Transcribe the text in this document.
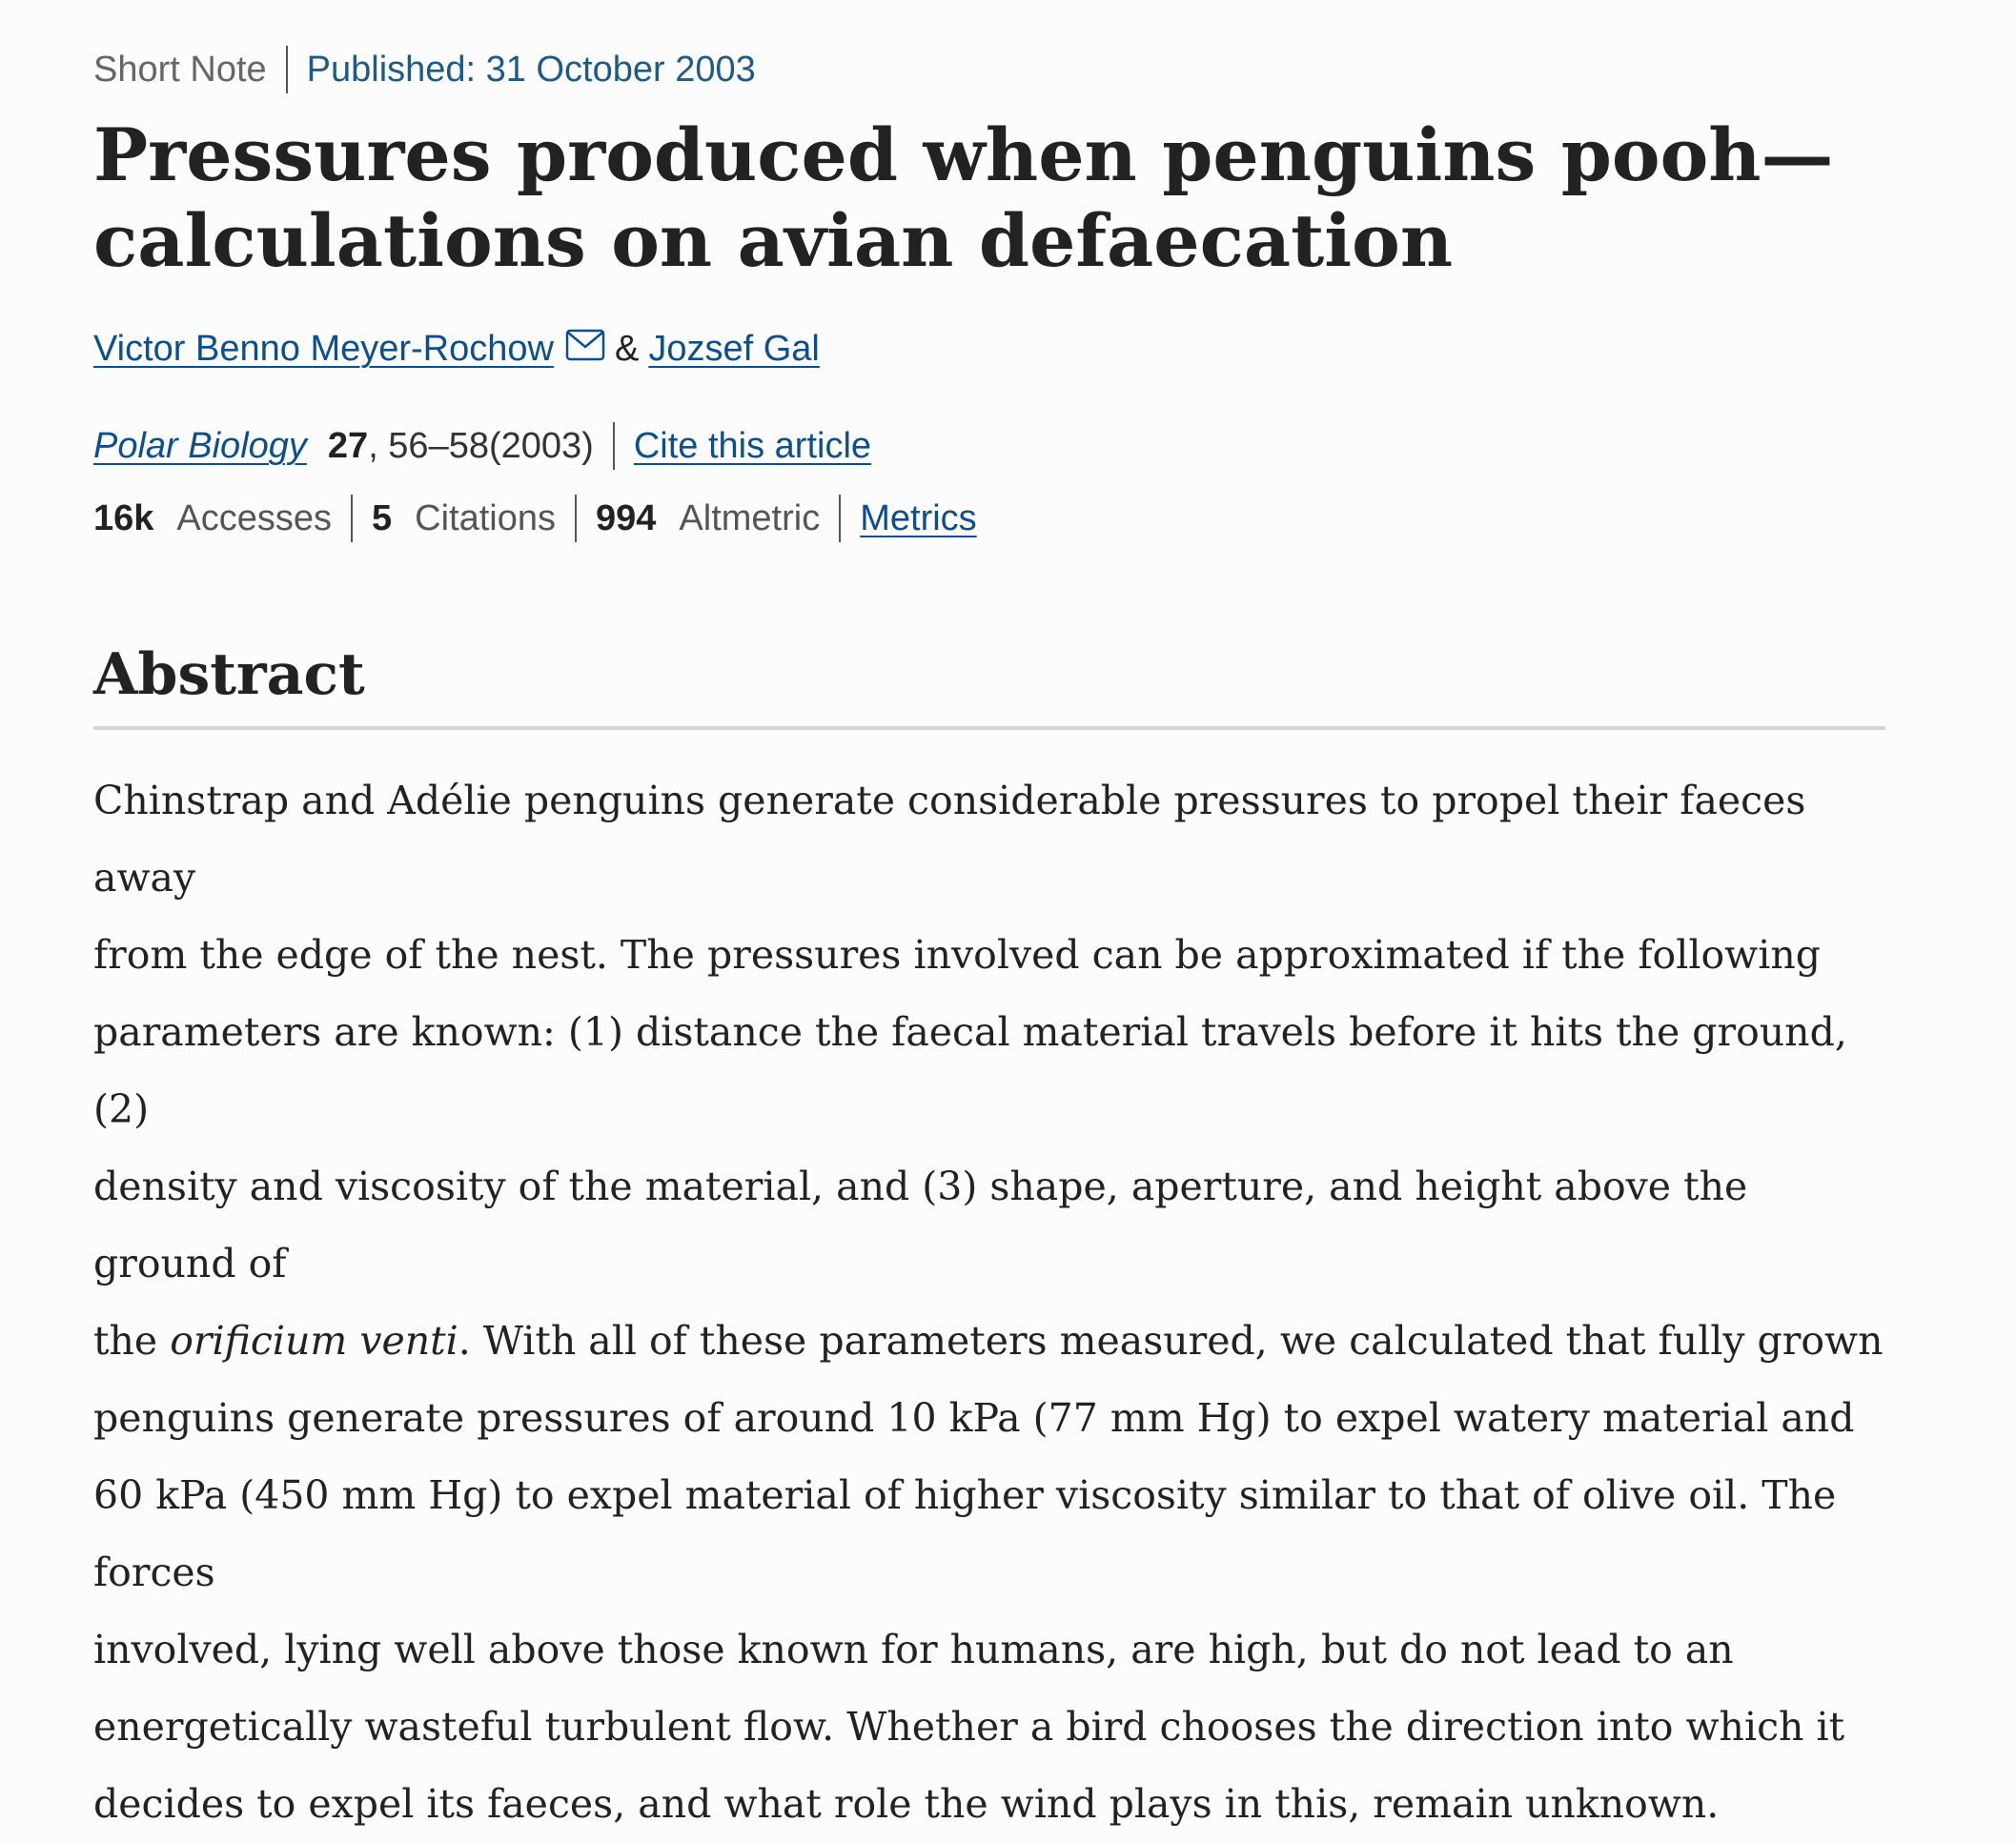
Short Note Published: 31 October 2003
Pressures produced when penguins pooh—
calculations on avian defaecation
Victor Benno Meyer-Rochow & Jozsef Gal
Polar Biology 27 , 56–58(2003) Cite this article
16k Accesses 5 Citations 994 Altmetric Metrics
Abstract

Chinstrap and Adélie penguins generate considerable pressures to propel their faeces away
from the edge of the nest. The pressures involved can be approximated if the following
parameters are known: (1) distance the faecal material travels before it hits the ground, (2)
density and viscosity of the material, and (3) shape, aperture, and height above the ground of
the orificium venti. With all of these parameters measured, we calculated that fully grown
penguins generate pressures of around 10 kPa (77 mm Hg) to expel watery material and
60 kPa (450 mm Hg) to expel material of higher viscosity similar to that of olive oil. The forces
involved, lying well above those known for humans, are high, but do not lead to an
energetically wasteful turbulent flow. Whether a bird chooses the direction into which it
decides to expel its faeces, and what role the wind plays in this, remain unknown.
